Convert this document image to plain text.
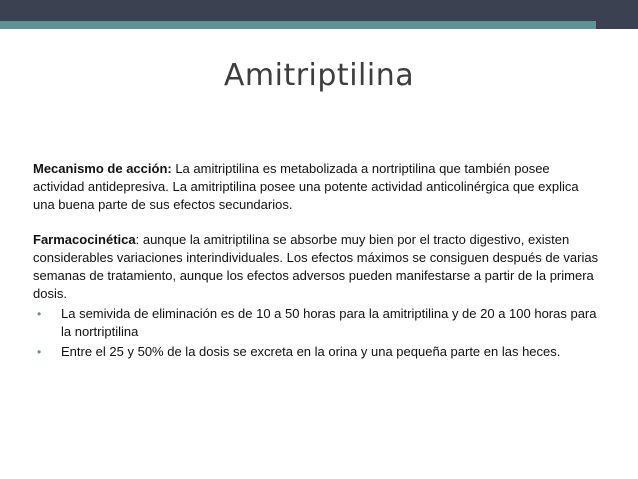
Amitriptilina

Mecanismo de acción: La amitriptilina es metabolizada a nortriptilina que también posee actividad antidepresiva. La amitriptilina posee una potente actividad anticolinérgica que explica una buena parte de sus efectos secundarios.

Farmacocinética: aunque la amitriptilina se absorbe muy bien por el tracto digestivo, existen considerables variaciones interindividuales. Los efectos máximos se consiguen después de varias semanas de tratamiento, aunque los efectos adversos pueden manifestarse a partir de la primera dosis.

• La semivida de eliminación es de 10 a 50 horas para la amitriptilina y de 20 a 100 horas para la nortriptilina
• Entre el 25 y 50% de la dosis se excreta en la orina y una pequeña parte en las heces.
